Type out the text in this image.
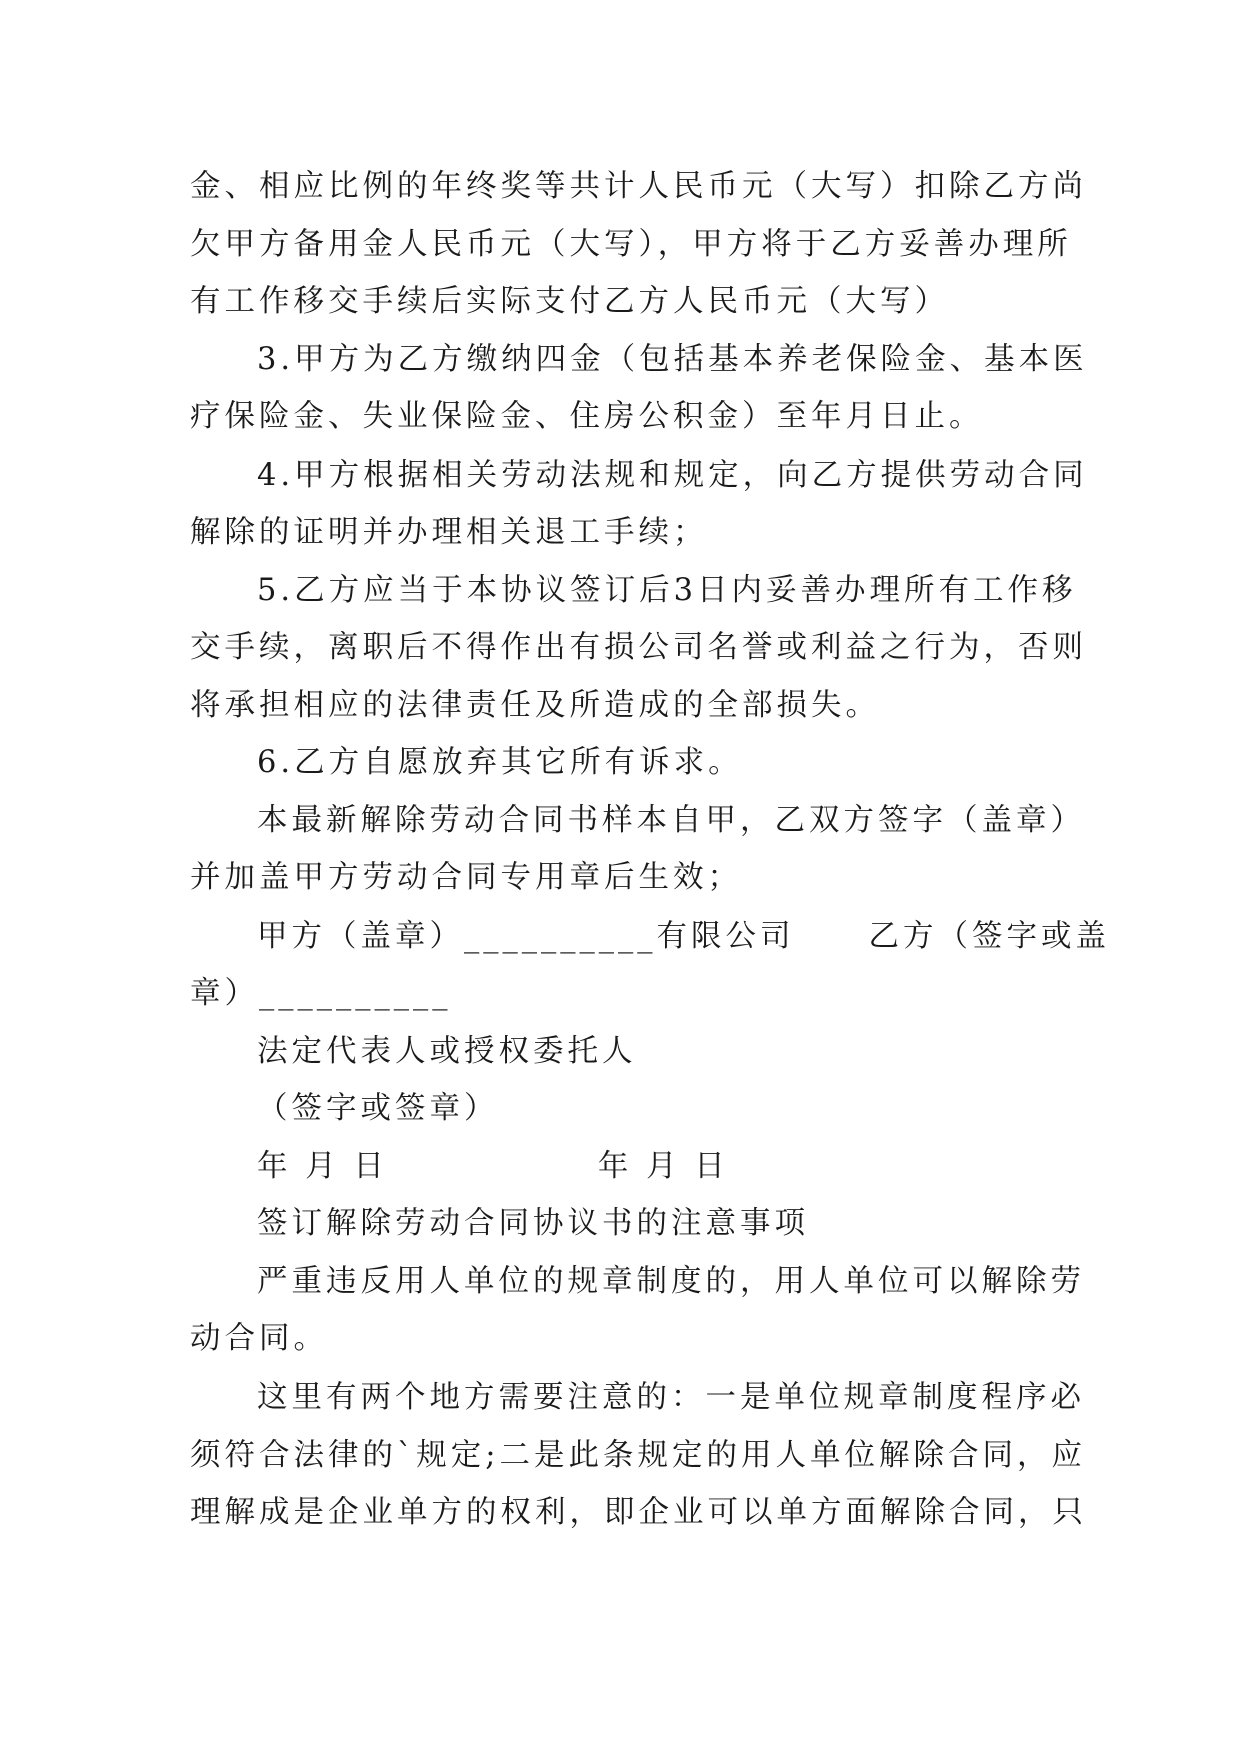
金、相应比例的年终奖等共计人民币元（大写）扣除乙方尚

欠甲方备用金人民币元（大写），甲方将于乙方妥善办理所

有工作移交手续后实际支付乙方人民币元（大写）

3.甲方为乙方缴纳四金（包括基本养老保险金、基本医

疗保险金、失业保险金、住房公积金）至年月日止。

4.甲方根据相关劳动法规和规定，向乙方提供劳动合同

解除的证明并办理相关退工手续；

5.乙方应当于本协议签订后3日内妥善办理所有工作移

交手续，离职后不得作出有损公司名誉或利益之行为，否则

将承担相应的法律责任及所造成的全部损失。

6.乙方自愿放弃其它所有诉求。

本最新解除劳动合同书样本自甲，乙双方签字（盖章）

并加盖甲方劳动合同专用章后生效；

甲方（盖章）__________有限公司 乙方（签字或盖

章）__________

法定代表人或授权委托人

（签字或签章）

年 月 日	年 月 日

签订解除劳动合同协议书的注意事项

严重违反用人单位的规章制度的，用人单位可以解除劳

动合同。

这里有两个地方需要注意的：一是单位规章制度程序必

须符合法律的`规定;二是此条规定的用人单位解除合同，应

理解成是企业单方的权利，即企业可以单方面解除合同，只
